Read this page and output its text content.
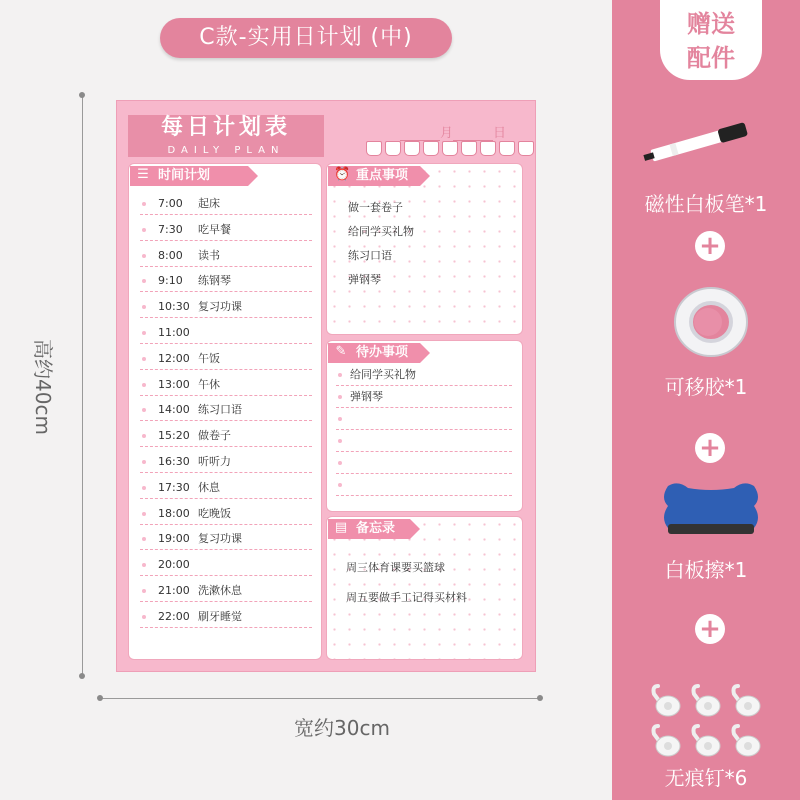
C款-实用日计划 (中)
高约40cm
宽约30cm
每日计划表
DAILY PLAN
月	日
☰ 时间计划
7:00 起床
7:30 吃早餐
8:00 读书
9:10 练钢琴
10:30 复习功课
11:00
12:00 午饭
13:00 午休
14:00 练习口语
15:20 做卷子
16:30 听听力
17:30 休息
18:00 吃晚饭
19:00 复习功课
20:00
21:00 洗漱休息
22:00 刷牙睡觉
⏰ 重点事项
做一套卷子
给同学买礼物
练习口语
弹钢琴
✎ 待办事项
给同学买礼物
弹钢琴
▤ 备忘录
周三体育课要买篮球
周五要做手工记得买材料
赠送
配件
磁性白板笔*1
+
可移胶*1
+
白板擦*1
+
无痕钉*6
